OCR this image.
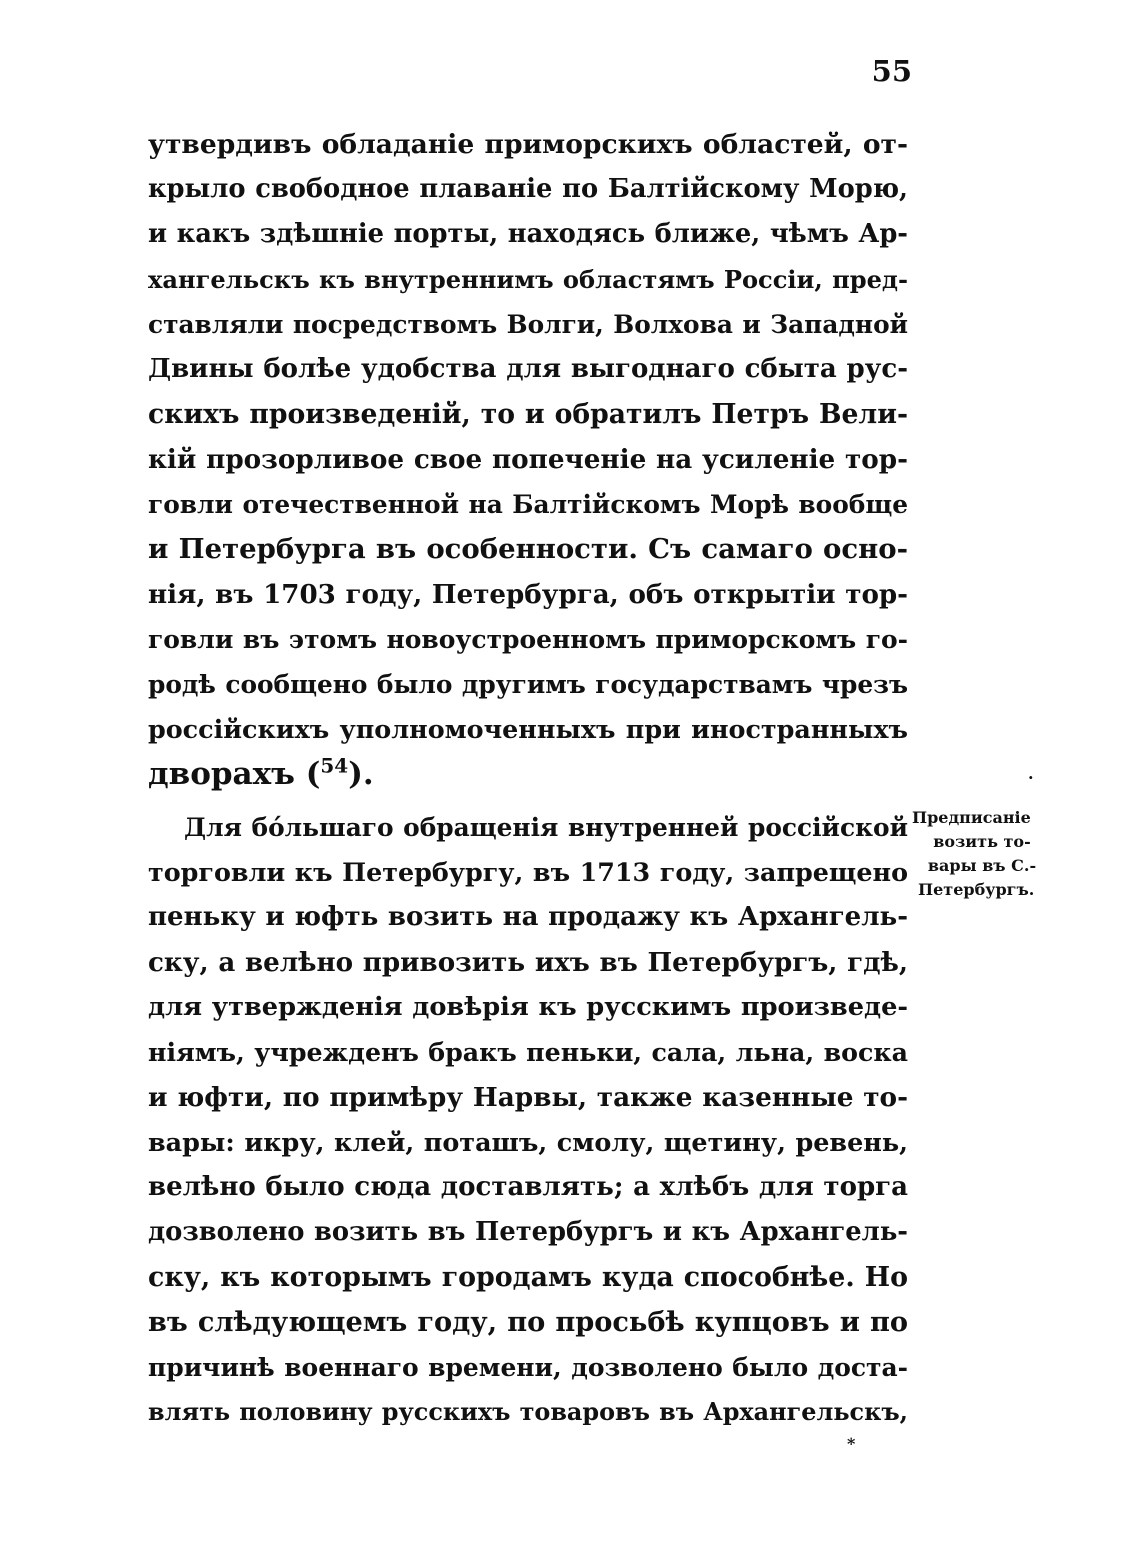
55
утвердивъ обладаніе приморскихъ областей, от-
крыло свободное плаваніе по Балтійскому Морю,
и какъ здѣшніе порты, находясь ближе, чѣмъ Ар-
хангельскъ къ внутреннимъ областямъ Россіи, пред-
ставляли посредствомъ Волги, Волхова и Западной
Двины болѣе удобства для выгоднаго сбыта рус-
скихъ произведеній, то и обратилъ Петръ Вели-
кій прозорливое свое попеченіе на усиленіе тор-
говли отечественной на Балтійскомъ Морѣ вообще
и Петербурга въ особенности. Съ самаго осно-
нія, въ 1703 году, Петербурга, объ открытіи тор-
говли въ этомъ новоустроенномъ приморскомъ го-
родѣ сообщено было другимъ государствамъ чрезъ
россійскихъ уполномоченныхъ при иностранныхъ
дворахъ ($^{54}$).
Для бо́льшаго обращенія внутренней россійской
торговли къ Петербургу, въ 1713 году, запрещено
пеньку и юфть возить на продажу къ Архангель-
ску, а велѣно привозить ихъ въ Петербургъ, гдѣ,
для утвержденія довѣрія къ русскимъ произведе-
ніямъ, учрежденъ бракъ пеньки, сала, льна, воска
и юфти, по примѣру Нарвы, также казенные то-
вары: икру, клей, поташъ, смолу, щетину, ревень,
велѣно было сюда доставлять; а хлѣбъ для торга
дозволено возить въ Петербургъ и къ Архангель-
ску, къ которымъ городамъ куда способнѣе. Но
въ слѣдующемъ году, по просьбѣ купцовъ и по
причинѣ военнаго времени, дозволено было доста-
влять половину русскихъ товаровъ въ Архангельскъ,
Предписаніе
возить то-
вары въ С.-
Петербургъ.
·
⁎
